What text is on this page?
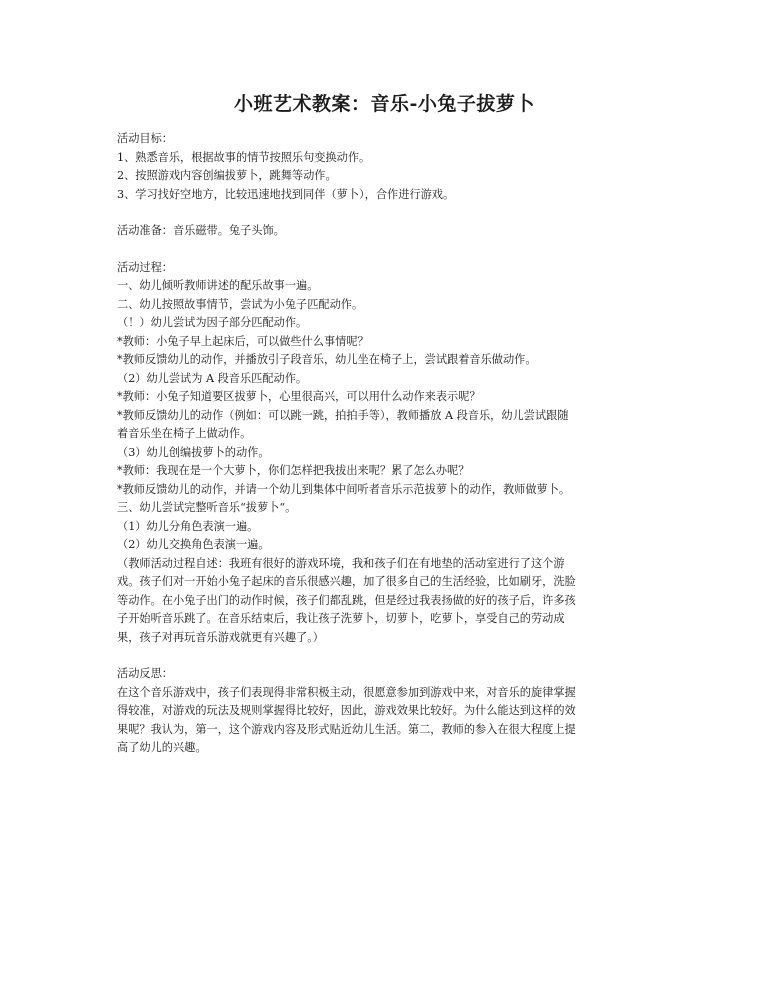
小班艺术教案：音乐-小兔子拔萝卜

活动目标：

1、熟悉音乐，根据故事的情节按照乐句变换动作。

2、按照游戏内容创编拔萝卜，跳舞等动作。

3、学习找好空地方，比较迅速地找到同伴（萝卜），合作进行游戏。

活动准备：音乐磁带。兔子头饰。

活动过程：

一、幼儿倾听教师讲述的配乐故事一遍。

二、幼儿按照故事情节，尝试为小兔子匹配动作。

（！）幼儿尝试为因子部分匹配动作。

*教师：小兔子早上起床后，可以做些什么事情呢？

*教师反馈幼儿的动作，并播放引子段音乐，幼儿坐在椅子上，尝试跟着音乐做动作。

（2）幼儿尝试为 A 段音乐匹配动作。

*教师：小兔子知道要区拔萝卜，心里很高兴，可以用什么动作来表示呢？

*教师反馈幼儿的动作（例如：可以跳一跳，拍拍手等），教师播放 A 段音乐，幼儿尝试跟随

着音乐坐在椅子上做动作。

（3）幼儿创编拔萝卜的动作。

*教师：我现在是一个大萝卜，你们怎样把我拔出来呢？累了怎么办呢？

*教师反馈幼儿的动作，并请一个幼儿到集体中间听者音乐示范拔萝卜的动作，教师做萝卜。

三、幼儿尝试完整听音乐“拔萝卜“。

（1）幼儿分角色表演一遍。

（2）幼儿交换角色表演一遍。

（教师活动过程自述：我班有很好的游戏环境，我和孩子们在有地垫的活动室进行了这个游

戏。孩子们对一开始小兔子起床的音乐很感兴趣，加了很多自己的生活经验，比如刷牙，洗脸

等动作。在小兔子出门的动作时候，孩子们都乱跳，但是经过我表扬做的好的孩子后，许多孩

子开始听音乐跳了。在音乐结束后，我让孩子洗萝卜，切萝卜，吃萝卜，享受自己的劳动成

果，孩子对再玩音乐游戏就更有兴趣了。）

活动反思：

在这个音乐游戏中，孩子们表现得非常积极主动，很愿意参加到游戏中来，对音乐的旋律掌握

得较准，对游戏的玩法及规则掌握得比较好，因此，游戏效果比较好。为什么能达到这样的效

果呢？我认为，第一，这个游戏内容及形式贴近幼儿生活。第二，教师的参入在很大程度上提

高了幼儿的兴趣。
